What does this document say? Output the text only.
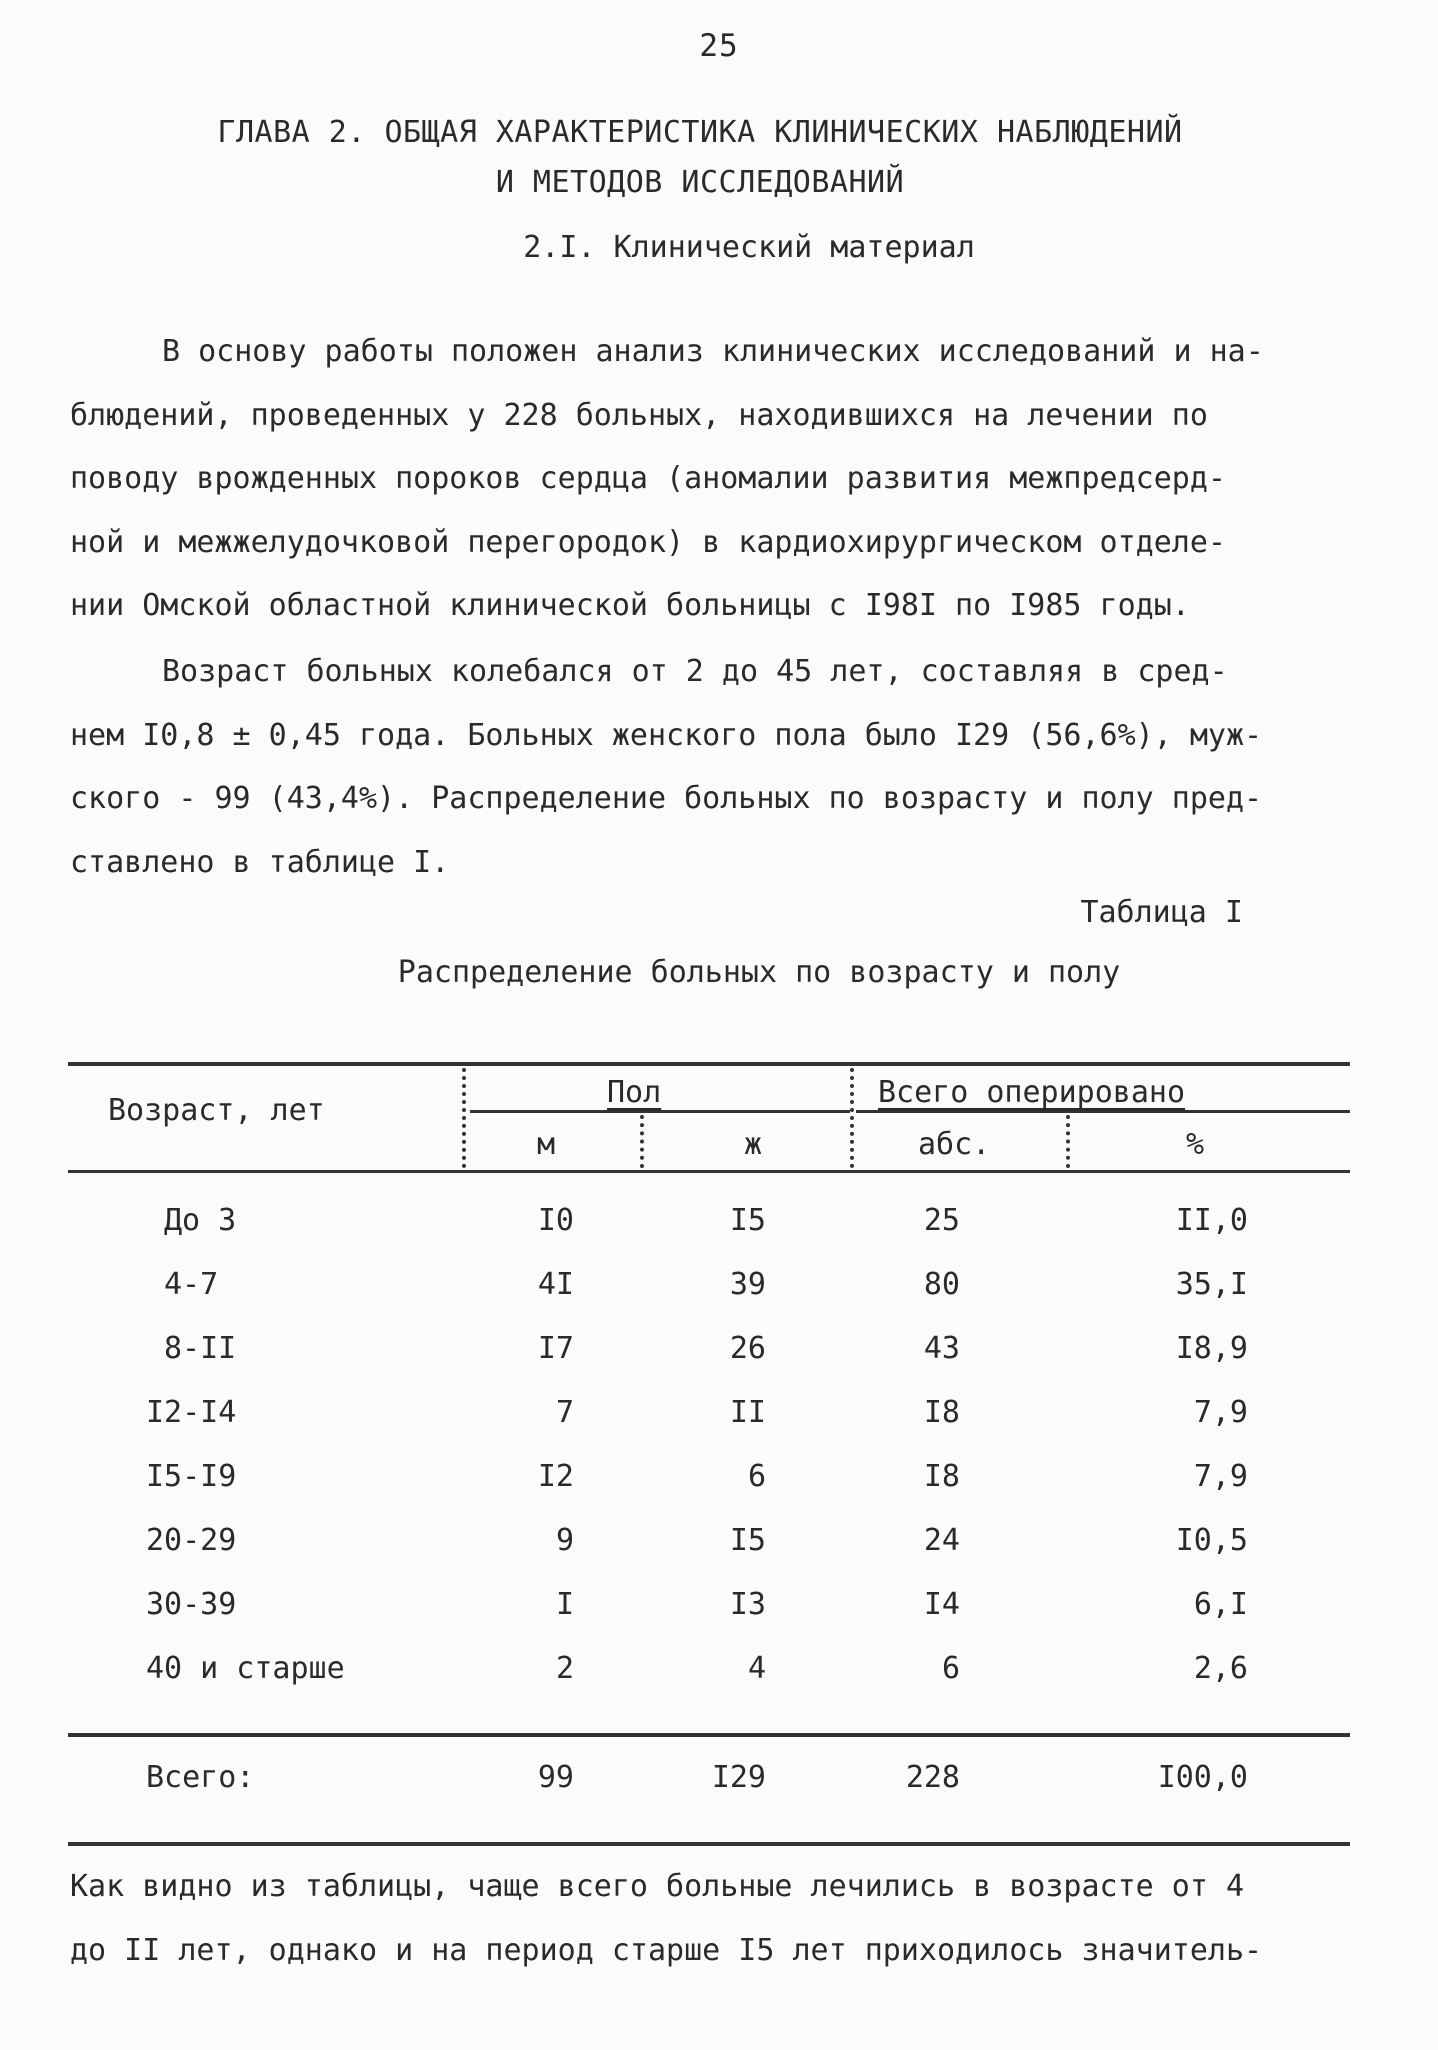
25
ГЛАВА 2. ОБЩАЯ ХАРАКТЕРИСТИКА КЛИНИЧЕСКИХ НАБЛЮДЕНИЙ
И МЕТОДОВ ИССЛЕДОВАНИЙ
2.I. Клинический материал
В основу работы положен анализ клинических исследований и на-
блюдений, проведенных у 228 больных, находившихся на лечении по
поводу врожденных пороков сердца (аномалии развития межпредсерд-
ной и межжелудочковой перегородок) в кардиохирургическом отделе-
нии Омской областной клинической больницы с I98I по I985 годы.
Возраст больных колебался от 2 до 45 лет, составляя в сред-
нем I0,8 ± 0,45 года. Больных женского пола было I29 (56,6%), муж-
ского - 99 (43,4%). Распределение больных по возрасту и полу пред-
ставлено в таблице I.
Таблица I
Распределение больных по возрасту и полу
Возраст, лет
Пол	Всего оперировано
м	ж	абс.	%
До 3	I0	I5	25	II,0
4-7	4I	39	80	35,I
8-II	I7	26	43	I8,9
I2-I4	7	II	I8	7,9
I5-I9	I2	6	I8	7,9
20-29	9	I5	24	I0,5
30-39	I	I3	I4	6,I
40 и старше	2	4	6	2,6
Всего:	99	I29	228	I00,0
Как видно из таблицы, чаще всего больные лечились в возрасте от 4
до II лет, однако и на период старше I5 лет приходилось значитель-
